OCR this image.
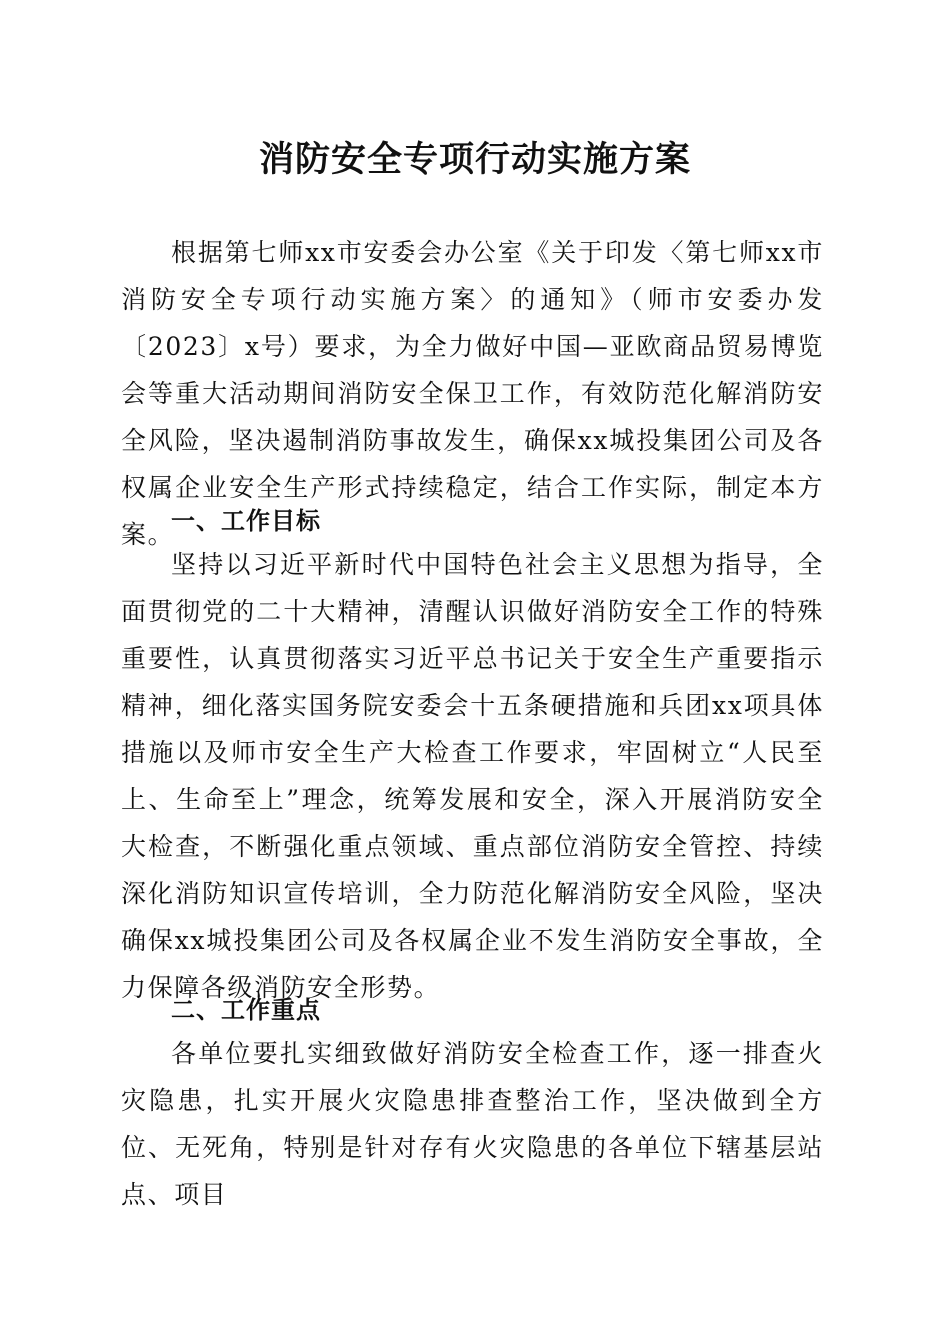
消防安全专项行动实施方案

根据第七师xx市安委会办公室《关于印发〈第七师xx市消防安全专项行动实施方案〉的通知》（师市安委办发〔2023〕x号）要求，为全力做好中国—亚欧商品贸易博览会等重大活动期间消防安全保卫工作，有效防范化解消防安全风险，坚决遏制消防事故发生，确保xx城投集团公司及各权属企业安全生产形式持续稳定，结合工作实际，制定本方案。

一、工作目标

坚持以习近平新时代中国特色社会主义思想为指导，全面贯彻党的二十大精神，清醒认识做好消防安全工作的特殊重要性，认真贯彻落实习近平总书记关于安全生产重要指示精神，细化落实国务院安委会十五条硬措施和兵团xx项具体措施以及师市安全生产大检查工作要求，牢固树立“人民至上、生命至上”理念，统筹发展和安全，深入开展消防安全大检查，不断强化重点领域、重点部位消防安全管控、持续深化消防知识宣传培训，全力防范化解消防安全风险，坚决确保xx城投集团公司及各权属企业不发生消防安全事故，全力保障各级消防安全形势。

二、工作重点

各单位要扎实细致做好消防安全检查工作，逐一排查火灾隐患，扎实开展火灾隐患排查整治工作，坚决做到全方位、无死角，特别是针对存有火灾隐患的各单位下辖基层站点、项目
